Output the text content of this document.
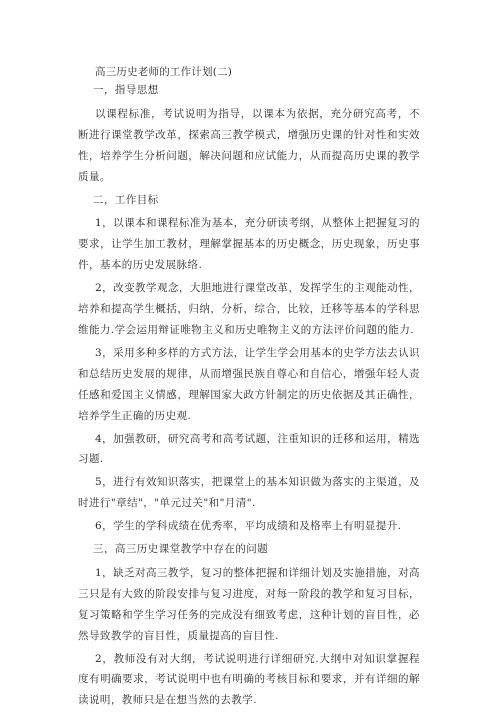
高三历史老师的工作计划(二)

一，指导思想

以课程标准，考试说明为指导，以课本为依据，充分研究高考，不断进行课堂教学改革，探索高三教学模式，增强历史课的针对性和实效性，培养学生分析问题，解决问题和应试能力，从而提高历史课的教学质量。

二，工作目标

1，以课本和课程标准为基本，充分研读考纲，从整体上把握复习的要求，让学生加工教材，理解掌握基本的历史概念，历史现象，历史事件，基本的历史发展脉络.

2，改变教学观念，大胆地进行课堂改革，发挥学生的主观能动性，培养和提高学生概括，归纳，分析，综合，比较，迁移等基本的学科思维能力.学会运用辩证唯物主义和历史唯物主义的方法评价问题的能力.

3，采用多种多样的方式方法，让学生学会用基本的史学方法去认识和总结历史发展的规律，从而增强民族自尊心和自信心，增强年轻人责任感和爱国主义情感，理解国家大政方针制定的历史依据及其正确性，培养学生正确的历史观.

4，加强教研，研究高考和高考试题，注重知识的迁移和运用，精选习题.

5，进行有效知识落实，把课堂上的基本知识做为落实的主渠道，及时进行"章结"，"单元过关"和"月清".

6，学生的学科成绩在优秀率，平均成绩和及格率上有明显提升.

三，高三历史课堂教学中存在的问题

1，缺乏对高三教学，复习的整体把握和详细计划及实施措施，对高三只是有大致的阶段安排与复习进度，对每一阶段的教学和复习目标，复习策略和学生学习任务的完成没有细致考虑，这种计划的盲目性，必然导致教学的盲目性，质量提高的盲目性.

2，教师没有对大纲，考试说明进行详细研究.大纲中对知识掌握程度有明确要求，考试说明中也有明确的考核目标和要求，并有详细的解读说明，教师只是在想当然的去教学.
